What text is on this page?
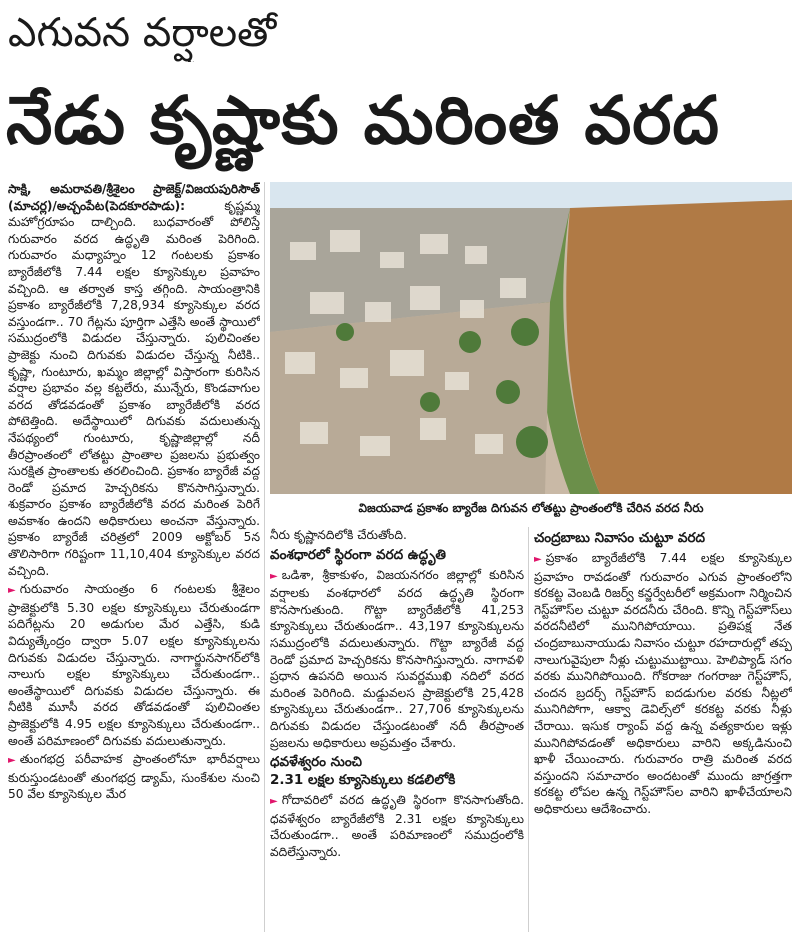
ఎగువన వర్షాలతో
నేడు కృష్ణాకు మరింత వరద

సాక్షి, అమరావతి/శ్రీశైలం ప్రాజెక్ట్/విజయపురిసౌత్ (మాచర్ల)/అచ్చంపేట(పెదకూరపాడు):	కృష్ణమ్మ మహోగ్రరూపం దాల్చింది. బుధవారంతో పోలిస్తే గురువారం వరద ఉద్ధృతి మరింత పెరిగింది. గురువారం మధ్యాహ్నం 12 గంటలకు ప్రకాశం బ్యారేజీలోకి 7.44 లక్షల క్యూసెక్కుల ప్రవాహం వచ్చింది. ఆ తర్వాత కాస్త తగ్గింది. సాయంత్రానికి ప్రకాశం బ్యారేజీలోకి 7,28,934 క్యూసెక్కుల వరద వస్తుండగా.. 70 గేట్లను పూర్తిగా ఎత్తేసి అంతే స్థాయిలో సముద్రంలోకి విడుదల చేస్తున్నారు. పులిచింతల ప్రాజెక్టు నుంచి దిగువకు విడుదల చేస్తున్న నీటికి.. కృష్ణా, గుంటూరు, ఖమ్మం జిల్లాల్లో విస్తారంగా కురిసిన వర్షాల ప్రభావం వల్ల కట్టలేరు, మున్నేరు, కొండవాగుల వరద తోడవడంతో ప్రకాశం బ్యారేజీలోకి వరద పోటెత్తింది. అదేస్థాయిలో దిగువకు వదులుతున్న నేపథ్యంలో గుంటూరు, కృష్ణాజిల్లాల్లో నదీ తీరప్రాంతంలో లోతట్టు ప్రాంతాల ప్రజలను ప్రభుత్వం సురక్షిత ప్రాంతాలకు తరలించింది. ప్రకాశం బ్యారేజీ వద్ద రెండో ప్రమాద హెచ్చరికను కొనసాగిస్తున్నారు. శుక్రవారం ప్రకాశం బ్యారేజీలోకి వరద మరింత పెరిగే అవకాశం ఉందని అధికారులు అంచనా వేస్తున్నారు. ప్రకాశం బ్యారేజీ చరిత్రలో 2009 అక్టోబర్ 5న తొలిసారిగా గరిష్టంగా 11,10,404 క్యూసెక్కుల వరద వచ్చింది.

► గురువారం సాయంత్రం 6 గంటలకు శ్రీశైలం ప్రాజెక్టులోకి 5.30 లక్షల క్యూసెక్కులు చేరుతుండగా పదిగేట్లను 20 అడుగుల మేర ఎత్తేసి, కుడి విద్యుత్కేంద్రం ద్వారా 5.07 లక్షల క్యూసెక్కులను దిగువకు విడుదల చేస్తున్నారు. నాగార్జునసాగర్‌లోకి నాలుగు లక్షల క్యూసెక్కులు చేరుతుండగా.. అంతేస్థాయిలో దిగువకు విడుదల చేస్తున్నారు. ఈ నీటికి మూసీ వరద తోడవడంతో పులిచింతల ప్రాజెక్టులోకి 4.95 లక్షల క్యూసెక్కులు చేరుతుండగా.. అంతే పరిమాణంలో దిగువకు వదులుతున్నారు.

► తుంగభద్ర పరీవాహక ప్రాంతంలోనూ భారీవర్షాలు కురుస్తుండటంతో తుంగభద్ర డ్యామ్, సుంకేశుల నుంచి 50 వేల క్యూసెక్కుల మేర

విజయవాడ ప్రకాశం బ్యారేజ దిగువన లోతట్టు ప్రాంతంలోకి చేరిన వరద నీరు

నీరు కృష్ణానదిలోకి చేరుతోంది.

వంశధారలో స్థిరంగా వరద ఉద్ధృతి

► ఒడిశా, శ్రీకాకుళం, విజయనగరం జిల్లాల్లో కురిసిన వర్షాలకు వంశధారలో వరద ఉద్ధృతి స్థిరంగా కొనసాగుతుంది. గొట్టా బ్యారేజీలోకి 41,253 క్యూసెక్కులు చేరుతుండగా.. 43,197 క్యూసెక్కులను సముద్రంలోకి వదులుతున్నారు. గొట్టా బ్యారేజీ వద్ద రెండో ప్రమాద హెచ్చరికను కొనసాగిస్తున్నారు. నాగావళి ప్రధాన ఉపనది అయిన సువర్ణముఖి నదిలో వరద మరింత పెరిగింది. మడ్డువలస ప్రాజెక్టులోకి 25,428 క్యూసెక్కులు చేరుతుండగా.. 27,706 క్యూసెక్కులను దిగువకు విడుదల చేస్తుండటంతో నదీ తీరప్రాంత ప్రజలను అధికారులు అప్రమత్తం చేశారు.

ధవళేశ్వరం నుంచి
2.31 లక్షల క్యూసెక్కులు కడలిలోకి

► గోదావరిలో వరద ఉద్ధృతి స్థిరంగా కొనసాగుతోంది. ధవళేశ్వరం బ్యారేజీలోకి 2.31 లక్షల క్యూసెక్కులు చేరుతుండగా.. అంతే పరిమాణంలో సముద్రంలోకి వదిలేస్తున్నారు.

చంద్రబాబు నివాసం చుట్టూ వరద

► ప్రకాశం బ్యారేజీలోకి 7.44 లక్షల క్యూసెక్కుల ప్రవాహం రావడంతో గురువారం ఎగువ ప్రాంతంలోని కరకట్ట వెంబడి రిజర్వ్ కన్జర్వేటరీలో అక్రమంగా నిర్మించిన గెస్ట్‌హౌస్‌ల చుట్టూ వరదనీరు చేరింది. కొన్ని గెస్ట్‌హౌస్‌లు వరదనీటిలో మునిగిపోయాయి. ప్రతిపక్ష నేత చంద్రబాబునాయుడు నివాసం చుట్టూ రహదారుల్లో తప్ప నాలుగువైపులా నీళ్లు చుట్టుముట్టాయి. హెలిప్యాడ్ సగం వరకు మునిగిపోయింది. గోకరాజు గంగరాజు గెస్ట్‌హౌస్, చందన బ్రదర్స్ గెస్ట్‌హౌస్ ఐదడుగుల వరకు నీట్లలో మునిగిపోగా, ఆక్వా డెవిల్స్‌లో కరకట్ట వరకు నీళ్లు చేరాయి. ఇసుక ర్యాంప్ వద్ద ఉన్న వత్యకారుల ఇళ్లు మునిగిపోవడంతో అధికారులు వారిని అక్కడినుంచి ఖాళీ చేయించారు. గురువారం రాత్రి మరింత వరద వస్తుందని సమాచారం అందటంతో ముందు జాగ్రత్తగా కరకట్ట లోపల ఉన్న గెస్ట్‌హౌస్‌ల వారిని ఖాళీచేయాలని అధికారులు ఆదేశించారు.
